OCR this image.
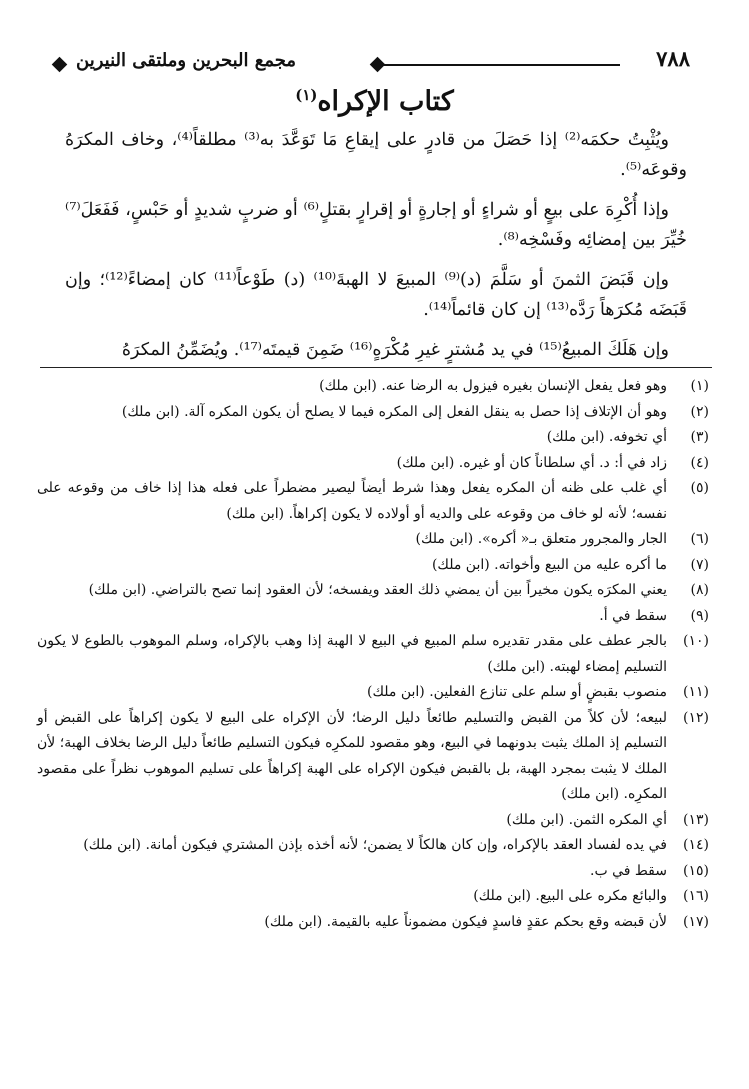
٧٨٨
مجمع البحرين وملتقى النيرين
كتاب الإكراه$^{(١)}$

ويُثْبِتُ حكمَه⁽²⁾ إذا حَصَلَ من قادرٍ على إيقاعِ مَا تَوَعَّدَ به⁽³⁾ مطلقاً⁽⁴⁾، وخاف المكرَهُ وقوعَه⁽⁵⁾.

وإذا أُكْرِهَ على بيعٍ أو شراءٍ أو إجارةٍ أو إقرارٍ بقتلٍ⁽⁶⁾ أو ضربٍ شديدٍ أو حَبْسٍ، فَفَعَلَ⁽⁷⁾ خُيِّرَ بين إمضائِه وفَسْخِه⁽⁸⁾.

وإن قَبَضَ الثمنَ أو سَلَّمَ (د)⁽⁹⁾ المبيعَ لا الهبةَ⁽¹⁰⁾ (د) طَوْعاً⁽¹¹⁾ كان إمضاءً⁽¹²⁾؛ وإن قَبَضَه مُكرَهاً رَدَّه⁽¹³⁾ إن كان قائماً⁽¹⁴⁾.

وإن هَلَكَ المبيعُ⁽¹⁵⁾ في يد مُشترٍ غيرِ مُكْرَهٍ⁽¹⁶⁾ ضَمِنَ قيمتَه⁽¹⁷⁾. ويُضَمِّنُ المكرَهُ

(١)
وهو فعل يفعل الإنسان بغيره فيزول به الرضا عنه. (ابن ملك)
(٢)
وهو أن الإتلاف إذا حصل به ينقل الفعل إلى المكره فيما لا يصلح أن يكون المكره آلة. (ابن ملك)
(٣)
أي تخوفه. (ابن ملك)
(٤)
زاد في أ: د. أي سلطاناً كان أو غيره. (ابن ملك)
(٥)
أي غلب على ظنه أن المكره يفعل وهذا شرط أيضاً ليصير مضطراً على فعله هذا إذا خاف من وقوعه على نفسه؛ لأنه لو خاف من وقوعه على والديه أو أولاده لا يكون إكراهاً. (ابن ملك)
(٦)
الجار والمجرور متعلق بـ« أكره». (ابن ملك)
(٧)
ما أكره عليه من البيع وأخواته. (ابن ملك)
(٨)
يعني المكرَه يكون مخيراً بين أن يمضي ذلك العقد ويفسخه؛ لأن العقود إنما تصح بالتراضي. (ابن ملك)
(٩)
سقط في أ.
(١٠)
بالجر عطف على مقدر تقديره سلم المبيع في البيع لا الهبة إذا وهب بالإكراه، وسلم الموهوب بالطوع لا يكون التسليم إمضاء لهبته. (ابن ملك)
(١١)
منصوب بقبضٍ أو سلم على تنازع الفعلين. (ابن ملك)
(١٢)
لبيعه؛ لأن كلاً من القبض والتسليم طائعاً دليل الرضا؛ لأن الإكراه على البيع لا يكون إكراهاً على القبض أو التسليم إذ الملك يثبت بدونهما في البيع، وهو مقصود للمكرِه فيكون التسليم طائعاً دليل الرضا بخلاف الهبة؛ لأن الملك لا يثبت بمجرد الهبة، بل بالقبض فيكون الإكراه على الهبة إكراهاً على تسليم الموهوب نظراً على مقصود المكرِه. (ابن ملك)
(١٣)
أي المكره الثمن. (ابن ملك)
(١٤)
في يده لفساد العقد بالإكراه، وإن كان هالكاً لا يضمن؛ لأنه أخذه بإذن المشتري فيكون أمانة. (ابن ملك)
(١٥)
سقط في ب.
(١٦)
والبائع مكره على البيع. (ابن ملك)
(١٧)
لأن قبضه وقع بحكم عقدٍ فاسدٍ فيكون مضموناً عليه بالقيمة. (ابن ملك)
